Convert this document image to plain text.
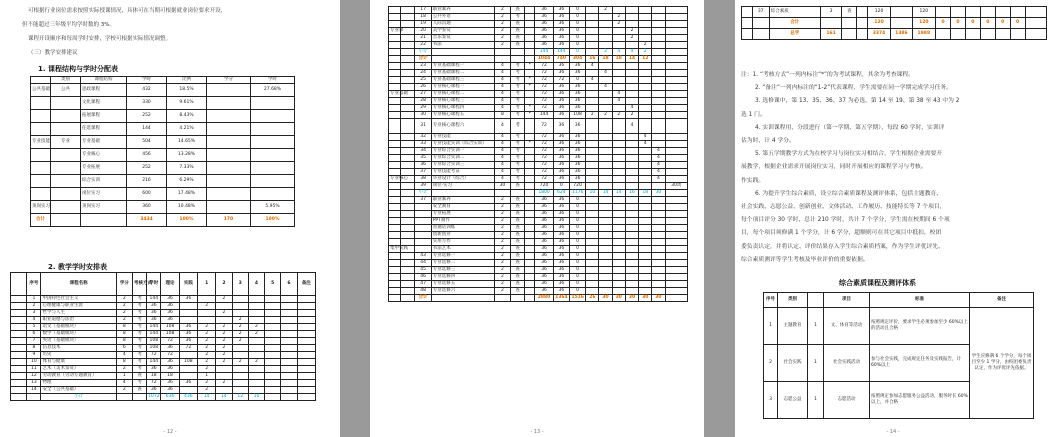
可根据行业岗位需求按照实际授课情况，具体可在当期可根据就业岗位要求开设，
但不能超过三年级平均学时数的 3%。
课程开设顺序和每周学时安排，学校可根据实际情况调整。
（三）教学安排建议
1. 课程结构与学时分配表
	类别	课程结构	学时	比例	学分	学时
公共基础	公共	思政课程	432	18.5%		27.68%
		文化课程	330	9.61%		
		拓展课程	252	8.43%		
		任选课程	144	4.21%		
专业技能	专业	专业基础	504	14.65%		
		专业核心	456	13.28%		
		专业拓展	252	7.33%		
		综合实训	216	6.29%		
		岗位实习	600	17.48%		
顶岗实习		顶岗实习	360	10.48%		5.95%
合计			3434	100%	170	100%
2. 教学学时安排表
	序号	课程名称	学分	考核方式	学时	理论	实践	1	2	3	4	5	6	备注
	1	中国特色社会主义	2	考	144	36	36		2					
	2	心理健康与职业生涯	2	考	36	36		2						
	3	哲学与人生	2	考	36	36			2					
	4	职业道德与法治	2	考	36	36				2				
	5	语文（基础模块）	8	考	144	108	36	2	2	2	2			
	6	数学（基础模块）	8	考	144	108	36	2	2	2	2			
	7	英语（基础模块）	8	考	108	72	36	2	2	2				
	8	信息技术	6	考	108	36	72	2	2					
	9	历史	4	考	72	72		2	2					
	10	体育与健康	8	考	144	36	108	2	2	2	2			
	11	艺术（美术鉴赏）	2	考	36	36		2						
	12	劳动教育（劳动专题教育）	1	查	18	18		1						
	13	物理	4	考	72	36	36	2	2					
	14	安全（公共基础）	2	查	36	36		2						
		小计			1072	636	436	14	14	12	10			
- 12 -
		17	职业素养	2	查		36	36	0		2					
		18	公共外语	2	考		36	36	0			2				
		19	人际沟通	2	查		36	36	0			2				
专业课		20	美学鉴赏	2	查		36	36	0				2			
		21	音乐鉴赏	2	查		36	36	0				2			
		22	书法	2	查		36	36	0					2		
		小计					144	144	0		2	4	4	2		
		合计					1044	740	304	16	18	18	14	12		
		23	专业基础课程一	4	考	*	72	36	36	4						
		24	专业基础课程二	4	考		72	36	36		4					
		25	专业基础课程三	4	考	*	72	72	0	4						
		26	专业核心课程一	4	考	*	72	36	36		4					
专业基础		27	专业核心课程二	4	考		72	36	36			4				
		28	专业核心课程三	4	考		72	36	36			4				
		29	专业核心课程四	4	考	*	72	36	36				4			
		30	专业核心课程五	8	考	*	144	36	108	2	2	2	2			
		31	专业核心课程六	4	考		72	36	36				4			
		32	专业技能	4	考		72	36	36					4		
		33	专业技能实训（综合实训）	4	考	*	72	36	36					4		
		34	专业综合实训一	4	考		72	36	36						4	
		35	专业综合实训二	4	考		72	36	36						4	
		36	专业综合实训三	4	考		72	36	36						4	
		37	专业技能考证	4	考		72	36	36						4	
专业核心		38	毕业设计（综合）	4	考		72	36	36						4	
		39	岗位·实习	30	查		720	0	720							30周
		小计					1800	624	1176	10	14	14	16	18	30	
		37	职业素养	2	查		36	36	0							
			安全教育	2	查		36	36	0							
			专业拓展	2	查		36	36	0							
			PPT制作	2	查		36	36	0							
			普通话训练	2	查		36	36	0							
			创新创业	2	查		36	36	0							
			实用写作	2	查		36	36	0							
集中实践			书法艺术	2	查		36	36	0							
		43	专业选修一	2	查		36	36	0							
		44	专业选修二	2	查		36	36	0							
		45	专业选修三	2	查		36	36	0							
		46	专业选修四	2	查		36	36	0							
		47	专业选修五	2	查		36	36	0							
		48	专业选修六	2	查		36	36	0							
		合计					2880	1364	1516	26	30	30	30	30	30	
- 13 -
	37	综合素质	3	查		120		120							
		合计				120		120	0	0	0	0	0	0	
		总学	161			3374	1386	1988							
注：1. “考核方式”一列内标注“*”的为考试课程，其余为考查课程。
2. “备注”一列内标注的“1-2”代表课程，学生需要在同一学期完成学习任务。
3. 选修课中，第 13、35、36、37 为必选，第 14 至 19、第 38 至 43 中为 2
选 1 门。
4. 实训课程用，分段进行（第一学期、第五学期），每段 60 学时，实训评
估为时，计 4 学分。
5. 第五学期教学方式为在校学习与岗位实习相结合，学生根据企业需要开
展教学，根据企业需求开展岗位实习，同时开展相应的课程学习与考核。
作实践。
6. 为提升学生综合素质，设立综合素质课程及测评体系，包括主题教育、
社会实践、志愿公益、创新创业、文体活动、工作履历、技能特长等 7 个项目，
每个项目评分 30 学时，总计 210 学时，共计 7 个学分，学生需在校期间 6 个项
目，每个项目须修满 1 个学分，计 6 学分，超额则可在其它项目中抵扣，校团
委负责认定，并将认定、评价结果存入学生综合素质档案，作为学生评优评先、
综合素质测评等学生考核及毕业评价的重要依据。
综合素质课程及测评体系
序号	类别		项目	标准	备注
1	主题教育	1	文、体育等活动	按照规定评价，要求学生必须参加至少 60%以上的活动且合格	学生应修满 6 个学分，每个项目至少 1 学分，由校团委负责认定，作为评优评先依据。
2	社会实践	1	社会实践活动	参与社会实践，完成规定任务及实践报告，计 60%以上	
3	志愿公益	1	志愿活动	按照规定参加志愿服务公益活动，服务时长 60%以上，并合格	
- 14 -
